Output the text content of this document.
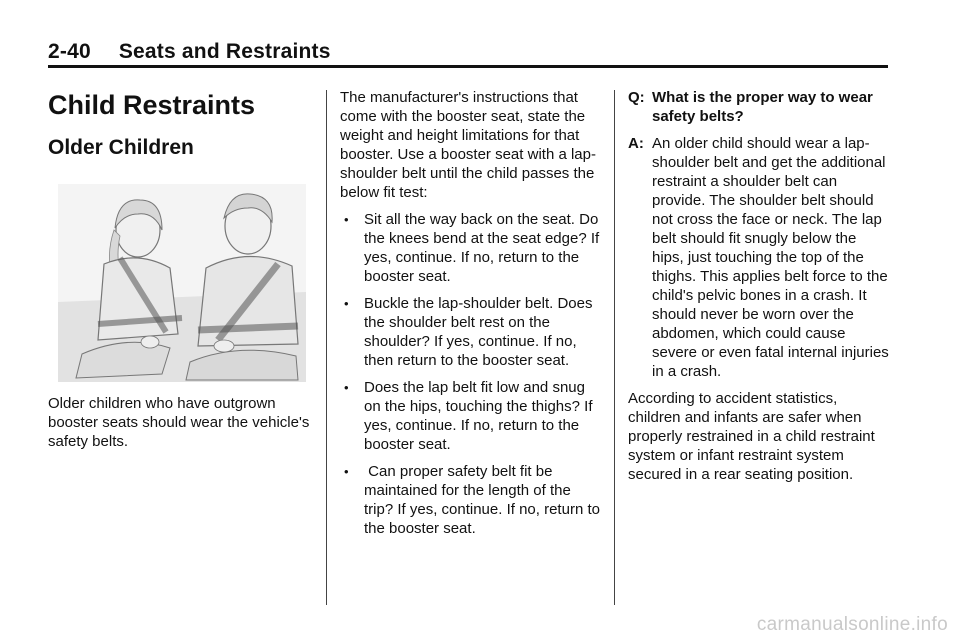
2-40 Seats and Restraints
Child Restraints
Older Children

Older children who have outgrown booster seats should wear the vehicle's safety belts.

The manufacturer's instructions that come with the booster seat, state the weight and height limitations for that booster. Use a booster seat with a lap-shoulder belt until the child passes the below fit test:

• Sit all the way back on the seat. Do the knees bend at the seat edge? If yes, continue. If no, return to the booster seat.
• Buckle the lap-shoulder belt. Does the shoulder belt rest on the shoulder? If yes, continue. If no, then return to the booster seat.
• Does the lap belt fit low and snug on the hips, touching the thighs? If yes, continue. If no, return to the booster seat.
• Can proper safety belt fit be maintained for the length of the trip? If yes, continue. If no, return to the booster seat.
Q: What is the proper way to wear safety belts?
A: An older child should wear a lap-shoulder belt and get the additional restraint a shoulder belt can provide. The shoulder belt should not cross the face or neck. The lap belt should fit snugly below the hips, just touching the top of the thighs. This applies belt force to the child's pelvic bones in a crash. It should never be worn over the abdomen, which could cause severe or even fatal internal injuries in a crash.

According to accident statistics, children and infants are safer when properly restrained in a child restraint system or infant restraint system secured in a rear seating position.

carmanualsonline.info
